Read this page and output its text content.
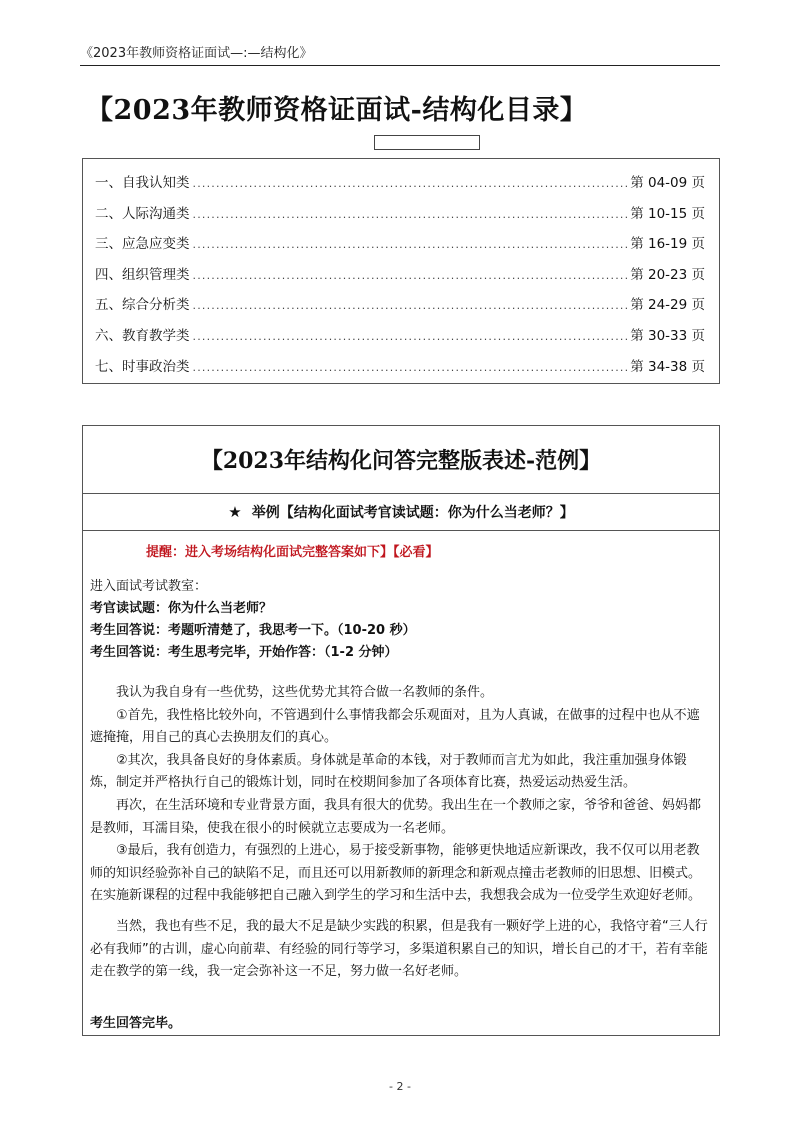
《2023年教师资格证面试—:—结构化》
【2023年教师资格证面试-结构化目录】
一、自我认知类 .....	第 04-09 页
二、人际沟通类 .....	第 10-15 页
三、应急应变类 .....	第 16-19 页
四、组织管理类 .....	第 20-23 页
五、综合分析类 .....	第 24-29 页
六、教育教学类 .....	第 30-33 页
七、时事政治类 .....	第 34-38 页
【2023年结构化问答完整版表述-范例】
★ 举例【结构化面试考官读试题：你为什么当老师？】
提醒：进入考场结构化面试完整答案如下】【必看】
进入面试考试教室：
考官读试题：你为什么当老师？
考生回答说：考题听清楚了，我思考一下。（10-20 秒）
考生回答说：考生思考完毕，开始作答：（1-2 分钟）

我认为我自身有一些优势，这些优势尤其符合做一名教师的条件。

①首先，我性格比较外向，不管遇到什么事情我都会乐观面对，且为人真诚，在做事的过程中也从不遮遮掩掩，用自己的真心去换朋友们的真心。

②其次，我具备良好的身体素质。身体就是革命的本钱，对于教师而言尤为如此，我注重加强身体锻炼，制定并严格执行自己的锻炼计划，同时在校期间参加了各项体育比赛，热爱运动热爱生活。

再次，在生活环境和专业背景方面，我具有很大的优势。我出生在一个教师之家，爷爷和爸爸、妈妈都是教师，耳濡目染，使我在很小的时候就立志要成为一名老师。

③最后，我有创造力，有强烈的上进心，易于接受新事物，能够更快地适应新课改，我不仅可以用老教师的知识经验弥补自己的缺陷不足，而且还可以用新教师的新理念和新观点撞击老教师的旧思想、旧模式。在实施新课程的过程中我能够把自己融入到学生的学习和生活中去，我想我会成为一位受学生欢迎好老师。

当然，我也有些不足，我的最大不足是缺少实践的积累，但是我有一颗好学上进的心，我恪守着“三人行必有我师”的古训，虚心向前辈、有经验的同行等学习，多渠道积累自己的知识，增长自己的才干，若有幸能走在教学的第一线，我一定会弥补这一不足，努力做一名好老师。

考生回答完毕。
- 2 -
